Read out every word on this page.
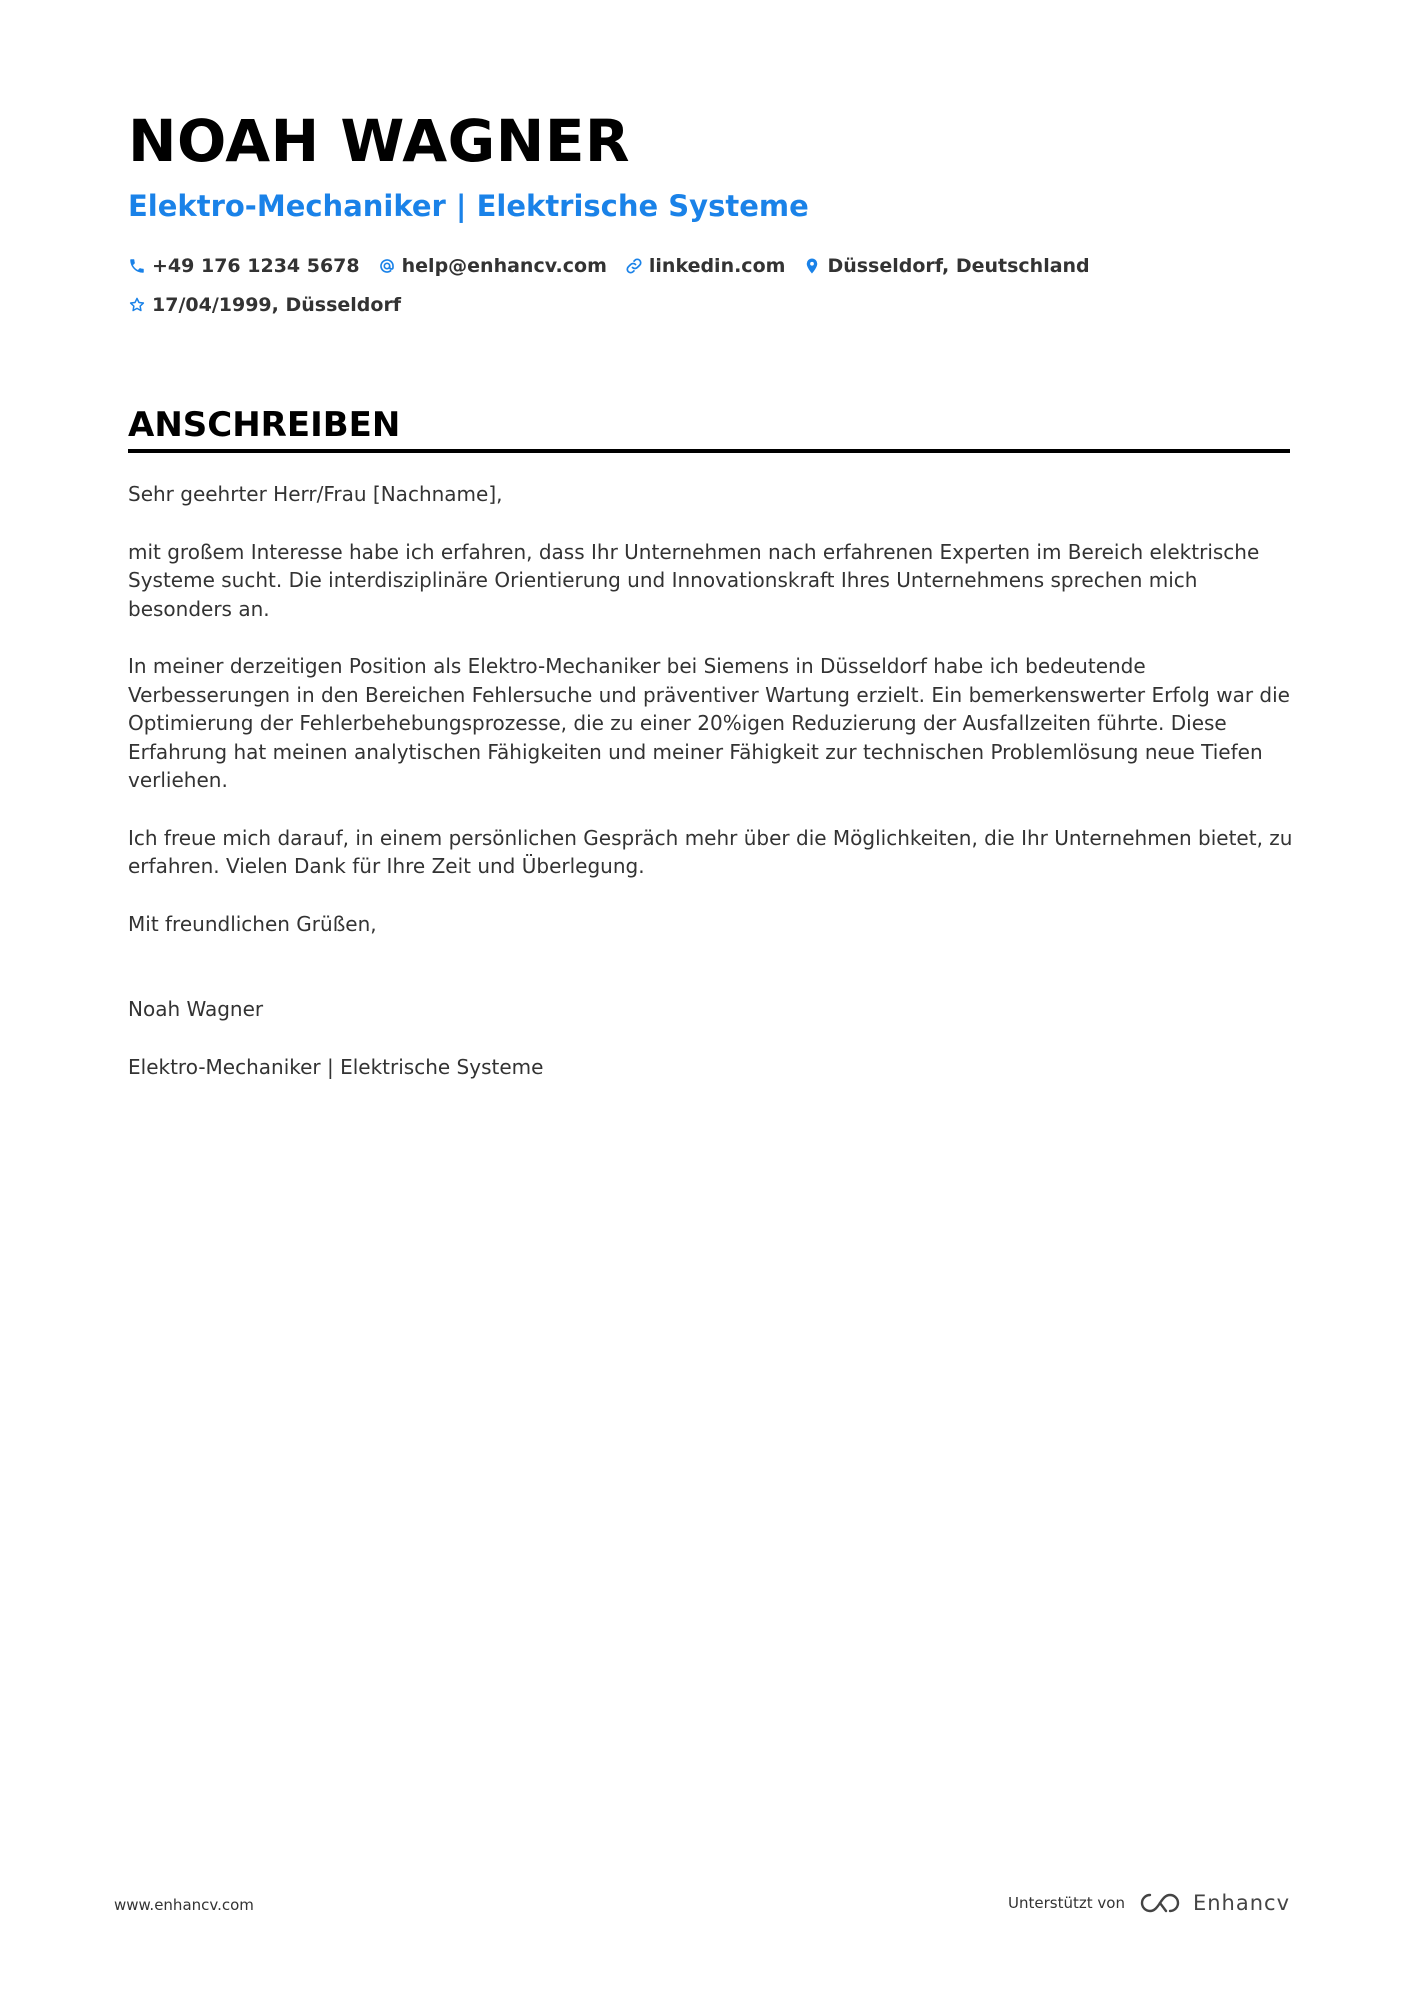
NOAH WAGNER
Elektro-Mechaniker | Elektrische Systeme
+49 176 1234 5678 help@enhancv.com linkedin.com Düsseldorf, Deutschland
17/04/1999, Düsseldorf
ANSCHREIBEN

Sehr geehrter Herr/Frau [Nachname],

mit großem Interesse habe ich erfahren, dass Ihr Unternehmen nach erfahrenen Experten im Bereich elektrische Systeme sucht. Die interdisziplinäre Orientierung und Innovationskraft Ihres Unternehmens sprechen mich besonders an.

In meiner derzeitigen Position als Elektro-Mechaniker bei Siemens in Düsseldorf habe ich bedeutende Verbesserungen in den Bereichen Fehlersuche und präventiver Wartung erzielt. Ein bemerkenswerter Erfolg war die Optimierung der Fehlerbehebungsprozesse, die zu einer 20%igen Reduzierung der Ausfallzeiten führte. Diese Erfahrung hat meinen analytischen Fähigkeiten und meiner Fähigkeit zur technischen Problemlösung neue Tiefen verliehen.

Ich freue mich darauf, in einem persönlichen Gespräch mehr über die Möglichkeiten, die Ihr Unternehmen bietet, zu erfahren. Vielen Dank für Ihre Zeit und Überlegung.

Mit freundlichen Grüßen,

Noah Wagner

Elektro-Mechaniker | Elektrische Systeme

www.enhancv.com	Unterstützt von	Enhancv
